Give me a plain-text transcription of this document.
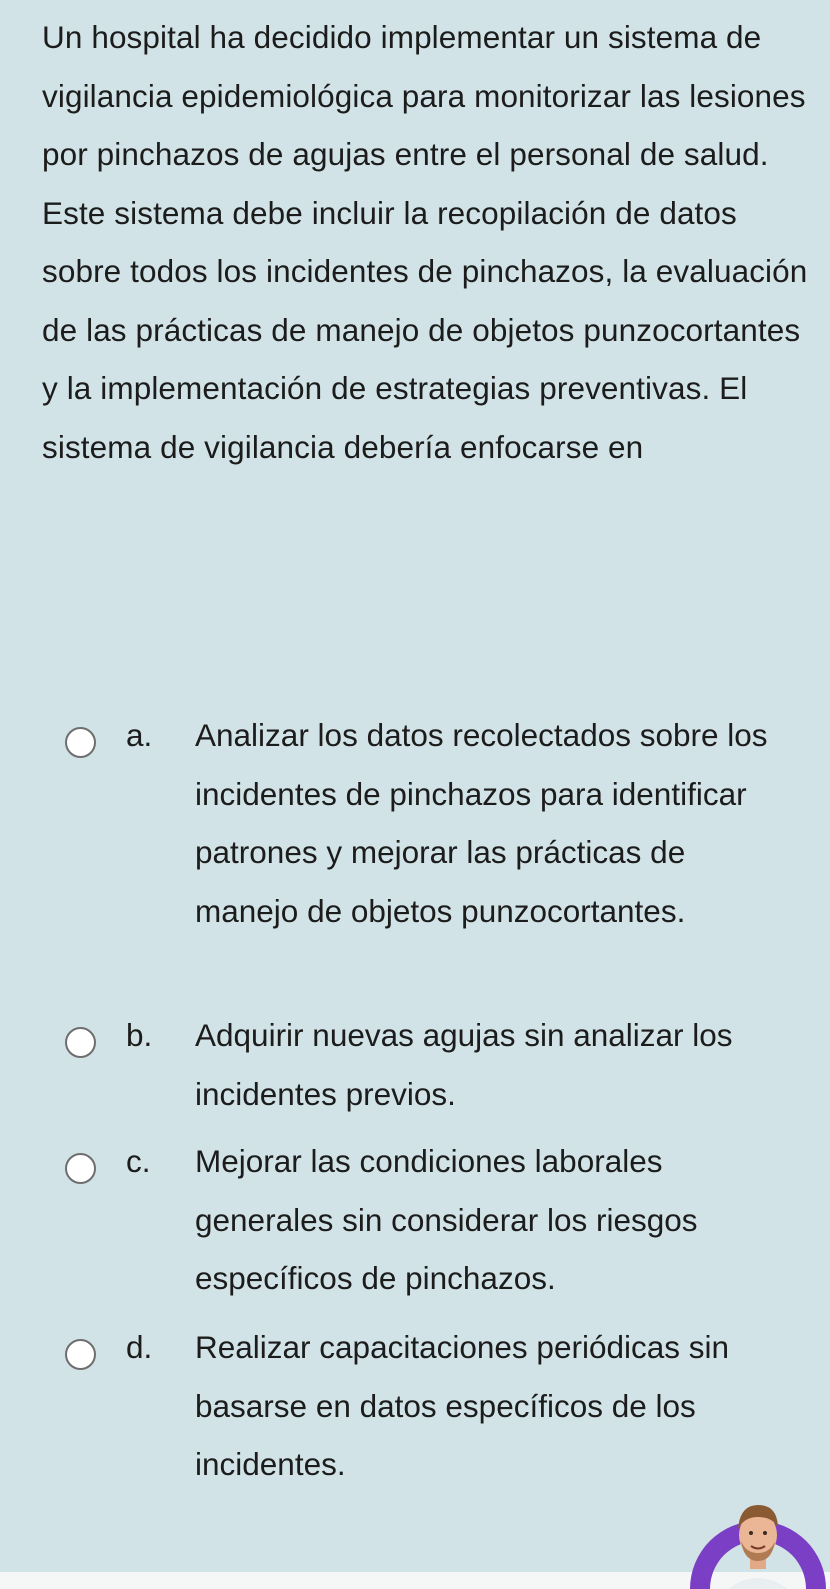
Un hospital ha decidido implementar un sistema de vigilancia epidemiológica para monitorizar las lesiones por pinchazos de agujas entre el personal de salud. Este sistema debe incluir la recopilación de datos sobre todos los incidentes de pinchazos, la evaluación de las prácticas de manejo de objetos punzocortantes y la implementación de estrategias preventivas. El sistema de vigilancia debería enfocarse en

a. Analizar los datos recolectados sobre los incidentes de pinchazos para identificar patrones y mejorar las prácticas de manejo de objetos punzocortantes.

b. Adquirir nuevas agujas sin analizar los incidentes previos.

c. Mejorar las condiciones laborales generales sin considerar los riesgos específicos de pinchazos.

d. Realizar capacitaciones periódicas sin basarse en datos específicos de los incidentes.
